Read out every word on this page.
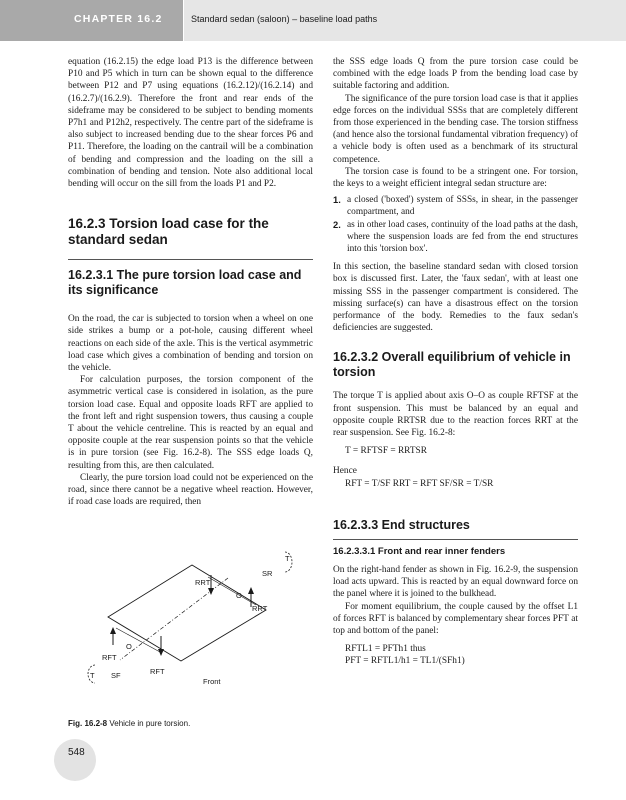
CHAPTER 16.2	Standard sedan (saloon) – baseline load paths

equation (16.2.15) the edge load P13 is the difference between P10 and P5 which in turn can be shown equal to the difference between P12 and P7 using equations (16.2.12)/(16.2.14) and (16.2.7)/(16.2.9). Therefore the front and rear ends of the sideframe may be considered to be subject to bending moments P7h1 and P12h2, respectively. The centre part of the sideframe is also subject to increased bending due to the shear forces P6 and P11. Therefore, the loading on the cantrail will be a combination of bending and compression and the loading on the sill a combination of bending and tension. Note also additional local bending will occur on the sill from the loads P1 and P2.

16.2.3 Torsion load case for the standard sedan
16.2.3.1 The pure torsion load case and its significance

On the road, the car is subjected to torsion when a wheel on one side strikes a bump or a pot-hole, causing different wheel reactions on each side of the axle. This is the vertical asymmetric load case which gives a combination of bending and torsion on the vehicle.

For calculation purposes, the torsion component of the asymmetric vertical case is considered in isolation, as the pure torsion load case. Equal and opposite loads RFT are applied to the front left and right suspension towers, thus causing a couple T about the vehicle centreline. This is reacted by an equal and opposite couple at the rear suspension points so that the vehicle is in pure torsion (see Fig. 16.2-8). The SSS edge loads Q, resulting from this, are then calculated.

Clearly, the pure torsion load could not be experienced on the road, since there cannot be a negative wheel reaction. However, if road case loads are required, then

the SSS edge loads Q from the pure torsion case could be combined with the edge loads P from the bending load case by suitable factoring and addition.

The significance of the pure torsion load case is that it applies edge forces on the individual SSSs that are completely different from those experienced in the bending case. The torsion stiffness (and hence also the torsional fundamental vibration frequency) of a vehicle body is often used as a benchmark of its structural competence.

The torsion case is found to be a stringent one. For torsion, the keys to a weight efficient integral sedan structure are:

1. a closed ('boxed') system of SSSs, in shear, in the passenger compartment, and
2. as in other load cases, continuity of the load paths at the dash, where the suspension loads are fed from the end structures into this 'torsion box'.

In this section, the baseline standard sedan with closed torsion box is discussed first. Later, the 'faux sedan', with at least one missing SSS in the passenger compartment is considered. The missing surface(s) can have a disastrous effect on the torsion performance of the body. Remedies to the faux sedan's deficiencies are suggested.

16.2.3.2 Overall equilibrium of vehicle in torsion

The torque T is applied about axis O–O as couple RFTSF at the front suspension. This must be balanced by an equal and opposite couple RRTSR due to the reaction forces RRT at the rear suspension. See Fig. 16.2-8:

T = RFTSF = RRTSR

Hence

RFT = T/SF RRT = RFT SF/SR = T/SR

16.2.3.3 End structures
16.2.3.3.1 Front and rear inner fenders

On the right-hand fender as shown in Fig. 16.2-9, the suspension load acts upward. This is reacted by an equal downward force on the panel where it is joined to the bulkhead.

For moment equilibrium, the couple caused by the offset L1 of forces RFT is balanced by complementary shear forces PFT at top and bottom of the panel:

RFTL1 = PFTh1 thus

PFT = RFTL1/h1 = TL1/(SFh1)

T
SR
RRT
O
RRT
RFT
O
SF	RFT
T
Front
Fig. 16.2-8 Vehicle in pure torsion.
548
